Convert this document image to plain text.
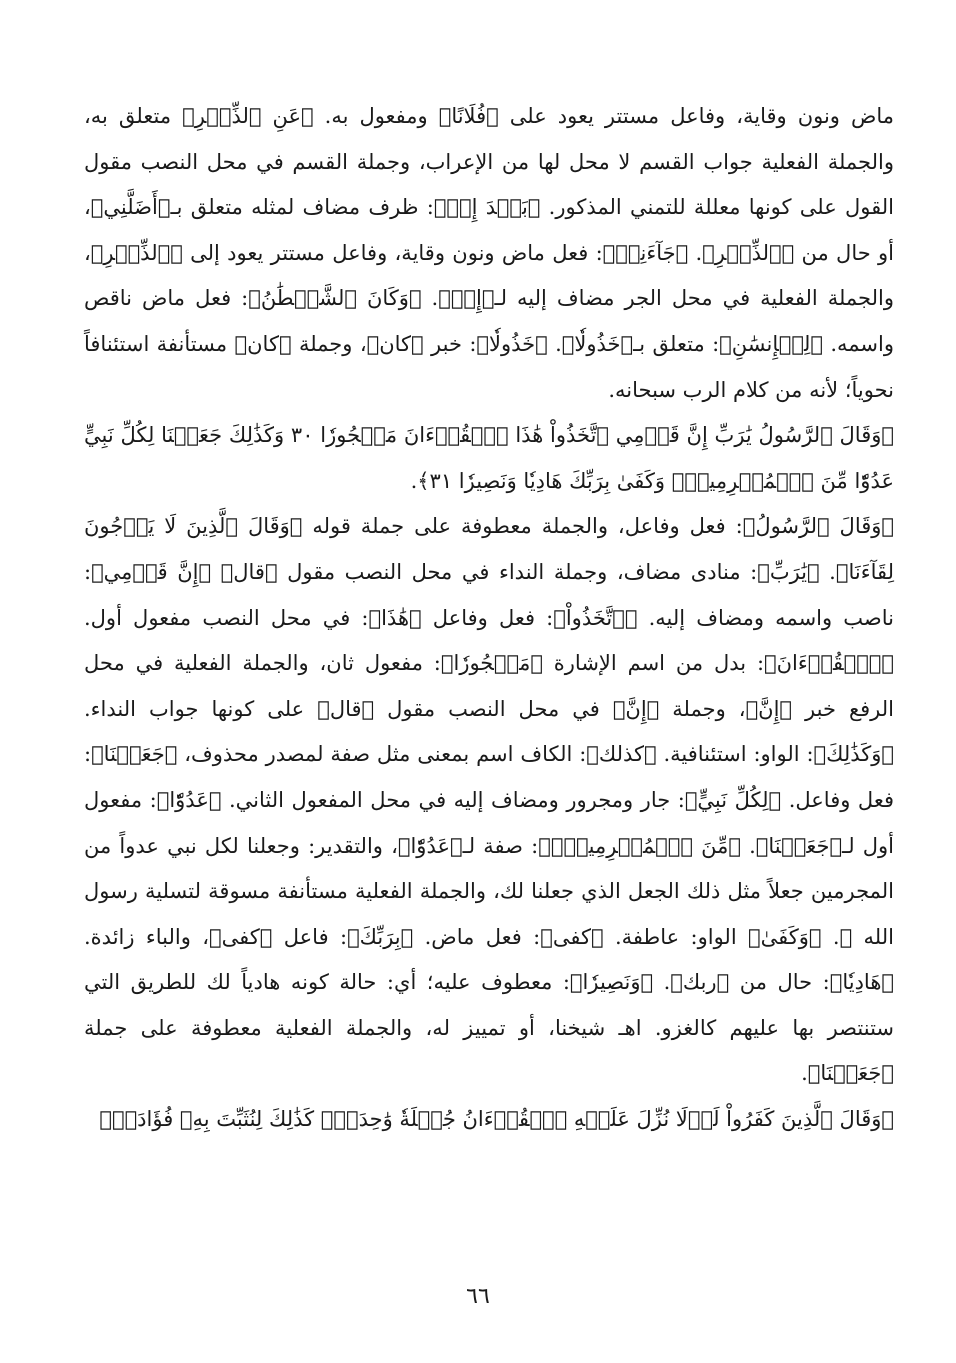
ماض ونون وقاية، وفاعل مستتر يعود على ﴿فُلَانًا﴾ ومفعول به. ﴿عَنِ ٱلذِّكۡرِ﴾ متعلق به، والجملة الفعلية جواب القسم لا محل لها من الإعراب، وجملة القسم في محل النصب مقول القول على كونها معللة للتمني المذكور. ﴿بَعۡدَ إِذۡ﴾: ظرف مضاف لمثله متعلق بـ﴿أَضَلَّنِي﴾، أو حال من ﴿ٱلذِّكۡرِ﴾. ﴿جَآءَنِيۗ﴾: فعل ماض ونون وقاية، وفاعل مستتر يعود إلى ﴿ٱلذِّكۡرِ﴾، والجملة الفعلية في محل الجر مضاف إليه لـ﴿إِذۡ﴾. ﴿وَكَانَ ٱلشَّيۡطَٰنُ﴾: فعل ماض ناقص واسمه. ﴿لِلۡإِنسَٰنِ﴾: متعلق بـ﴿خَذُولٗا﴾. ﴿خَذُولٗا﴾: خبر ﴿كان﴾، وجملة ﴿كان﴾ مستأنفة استئنافاً نحوياً؛ لأنه من كلام الرب سبحانه.

﴿وَقَالَ ٱلرَّسُولُ يَٰرَبِّ إِنَّ قَوۡمِي ٱتَّخَذُواْ هَٰذَا ٱلۡقُرۡءَانَ مَهۡجُورٗا ٣٠ وَكَذَٰلِكَ جَعَلۡنَا لِكُلِّ نَبِيٍّ عَدُوّٗا مِّنَ ٱلۡمُجۡرِمِينَۗ وَكَفَىٰ بِرَبِّكَ هَادِيٗا وَنَصِيرٗا ٣١﴾.

﴿وَقَالَ ٱلرَّسُولُ﴾: فعل وفاعل، والجملة معطوفة على جملة قوله ﴿وَقَالَ ٱلَّذِينَ لَا يَرۡجُونَ لِقَآءَنَا﴾. ﴿يَٰرَبِّ﴾: منادى مضاف، وجملة النداء في محل النصب مقول ﴿قال﴾ ﴿إِنَّ قَوۡمِي﴾: ناصب واسمه ومضاف إليه. ﴿ٱتَّخَذُواْ﴾: فعل وفاعل ﴿هَٰذَا﴾: في محل النصب مفعول أول. ﴿ٱلۡقُرۡءَانَ﴾: بدل من اسم الإشارة ﴿مَهۡجُورٗا﴾: مفعول ثان، والجملة الفعلية في محل الرفع خبر ﴿إِنَّ﴾، وجملة ﴿إِنَّ﴾ في محل النصب مقول ﴿قال﴾ على كونها جواب النداء. ﴿وَكَذَٰلِكَ﴾: الواو: استئنافية. ﴿كذلك﴾: الكاف اسم بمعنى مثل صفة لمصدر محذوف، ﴿جَعَلۡنَا﴾: فعل وفاعل. ﴿لِكُلِّ نَبِيٍّ﴾: جار ومجرور ومضاف إليه في محل المفعول الثاني. ﴿عَدُوّٗا﴾: مفعول أول لـ﴿جَعَلۡنَا﴾. ﴿مِّنَ ٱلۡمُجۡرِمِينَۗ﴾: صفة لـ﴿عَدُوّٗا﴾، والتقدير: وجعلنا لكل نبي عدواً من المجرمين جعلاً مثل ذلك الجعل الذي جعلنا لك، والجملة الفعلية مستأنفة مسوقة لتسلية رسول الله ﷺ. ﴿وَكَفَىٰ﴾ الواو: عاطفة. ﴿كفى﴾: فعل ماض. ﴿بِرَبِّكَ﴾: فاعل ﴿كفى﴾، والباء زائدة. ﴿هَادِيٗا﴾: حال من ﴿ربك﴾. ﴿وَنَصِيرٗا﴾: معطوف عليه؛ أي: حالة كونه هادياً لك للطريق التي ستنتصر بها عليهم كالغزو. اهـ شيخنا، أو تمييز له، والجملة الفعلية معطوفة على جملة ﴿جَعَلۡنَا﴾.

﴿وَقَالَ ٱلَّذِينَ كَفَرُواْ لَوۡلَا نُزِّلَ عَلَيۡهِ ٱلۡقُرۡءَانُ جُمۡلَةٗ وَٰحِدَةٗۚ كَذَٰلِكَ لِنُثَبِّتَ بِهِۦ فُؤَادَكَۖ

٦٦
